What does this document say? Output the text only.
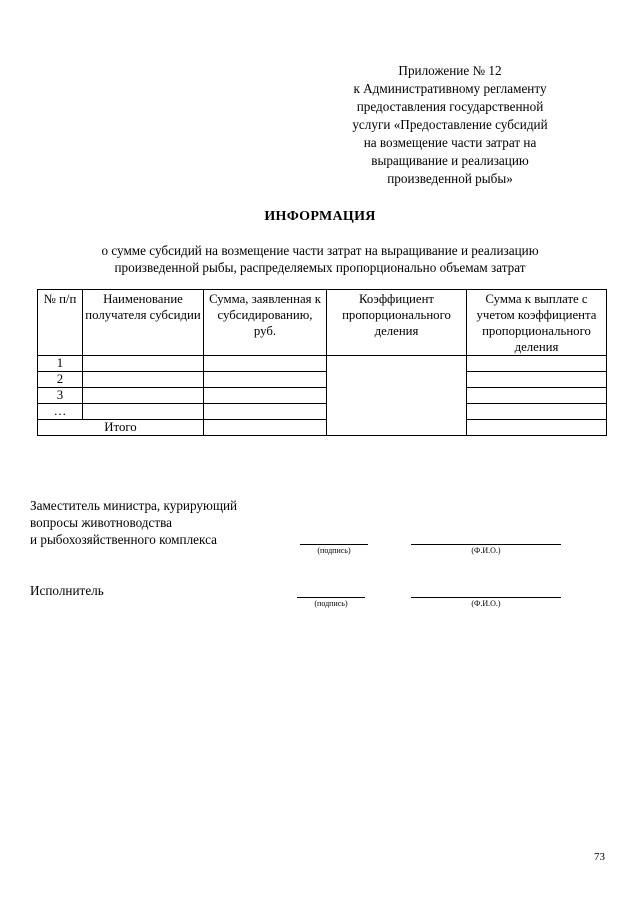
Приложение № 12
к Административному регламенту
предоставления государственной
услуги «Предоставление субсидий
на возмещение части затрат на
выращивание и реализацию
произведенной рыбы»
ИНФОРМАЦИЯ
о сумме субсидий на возмещение части затрат на выращивание и реализацию
произведенной рыбы, распределяемых пропорционально объемам затрат
№ п/п	Наименование получателя субсидии	Сумма, заявленная к субсидированию, руб.	Коэффициент пропорционального деления	Сумма к выплате с учетом коэффициента пропорционального деления
1				
2				
3				
…				
Итого				
Заместитель министра, курирующий
вопросы животноводства
и рыбохозяйственного комплекса
(подпись)	(Ф.И.О.)
Исполнитель
(подпись)	(Ф.И.О.)
73
